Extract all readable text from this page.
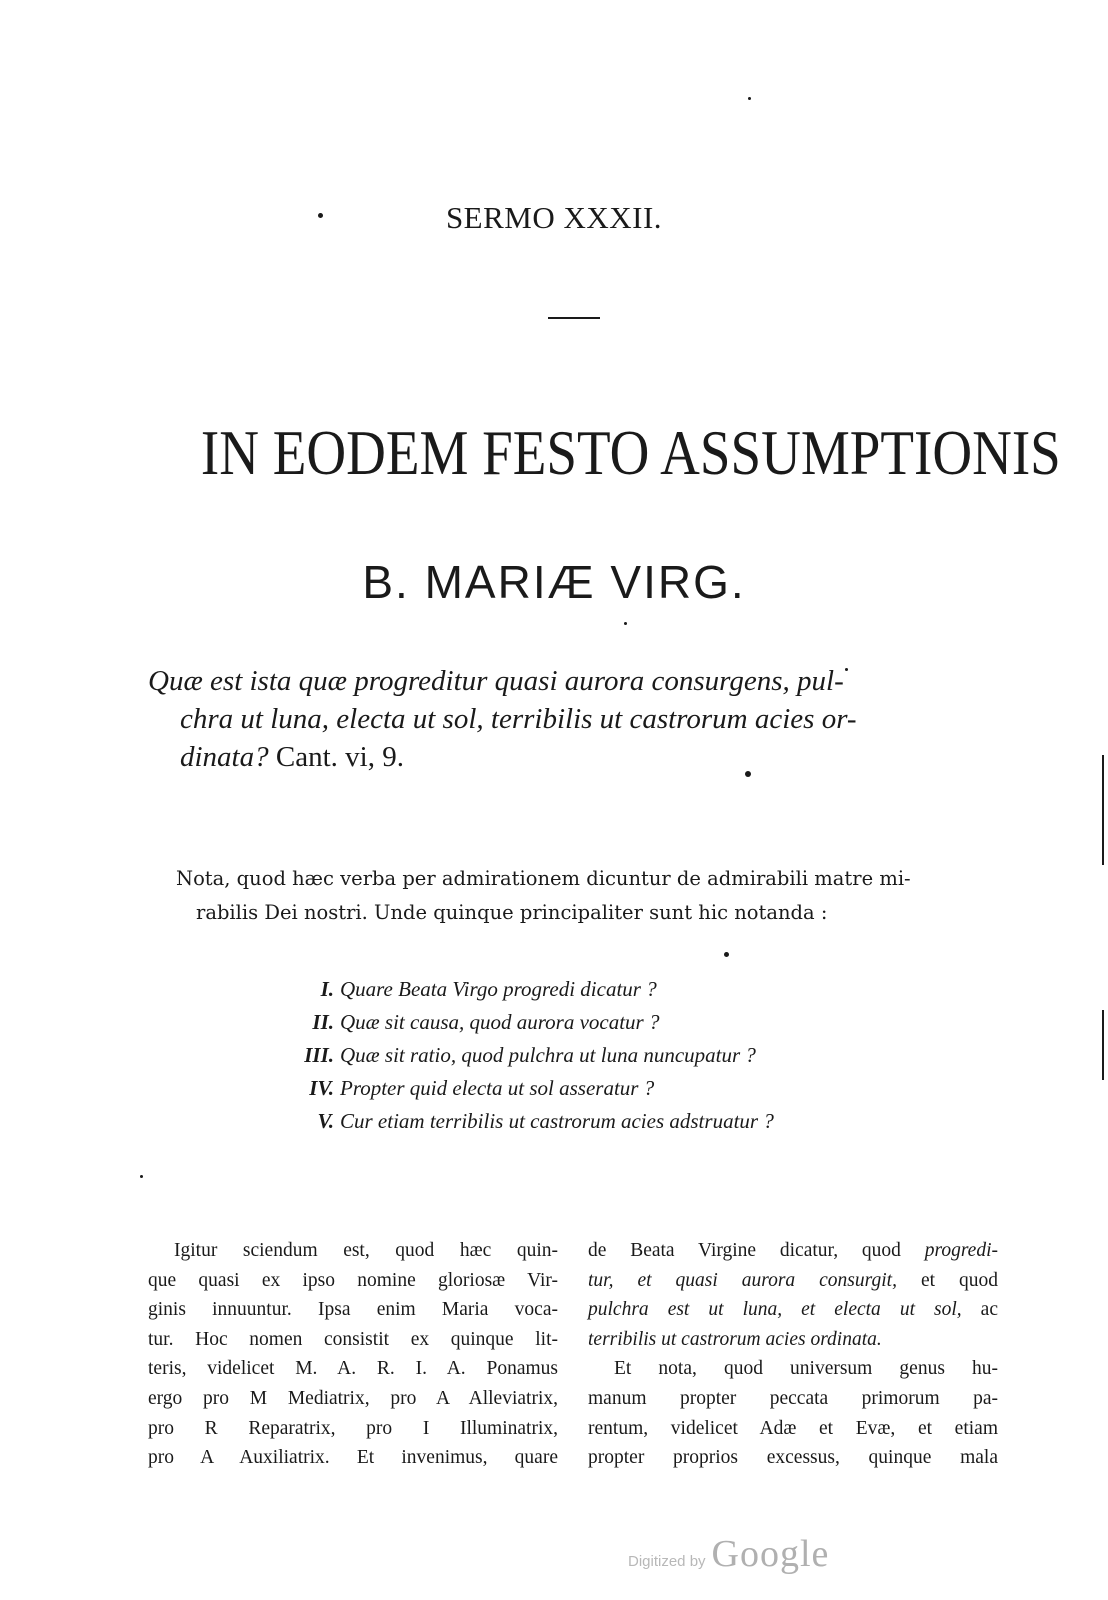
SERMO XXXII.
IN EODEM FESTO ASSUMPTIONIS
B. MARIÆ VIRG.
Quæ est ista quæ progreditur quasi aurora consurgens, pul-
chra ut luna, electa ut sol, terribilis ut castrorum acies or-
dinata? Cant. vi, 9.
Nota, quod hæc verba per admirationem dicuntur de admirabili matre mi-
rabilis Dei nostri. Unde quinque principaliter sunt hic notanda :
I. Quare Beata Virgo progredi dicatur ?
II. Quæ sit causa, quod aurora vocatur ?
III. Quæ sit ratio, quod pulchra ut luna nuncupatur ?
IV. Propter quid electa ut sol asseratur ?
V. Cur etiam terribilis ut castrorum acies adstruatur ?
Igitur sciendum est, quod hæc quin-
que quasi ex ipso nomine gloriosæ Vir-
ginis innuuntur. Ipsa enim Maria voca-
tur. Hoc nomen consistit ex quinque lit-
teris, videlicet M. A. R. I. A. Ponamus
ergo pro M Mediatrix, pro A Alleviatrix,
pro R Reparatrix, pro I Illuminatrix,
pro A Auxiliatrix. Et invenimus, quare
de Beata Virgine dicatur, quod progredi-
tur, et quasi aurora consurgit, et quod
pulchra est ut luna, et electa ut sol, ac
terribilis ut castrorum acies ordinata.
Et nota, quod universum genus hu-
manum propter peccata primorum pa-
rentum, videlicet Adæ et Evæ, et etiam
propter proprios excessus, quinque mala
Digitized by Google
